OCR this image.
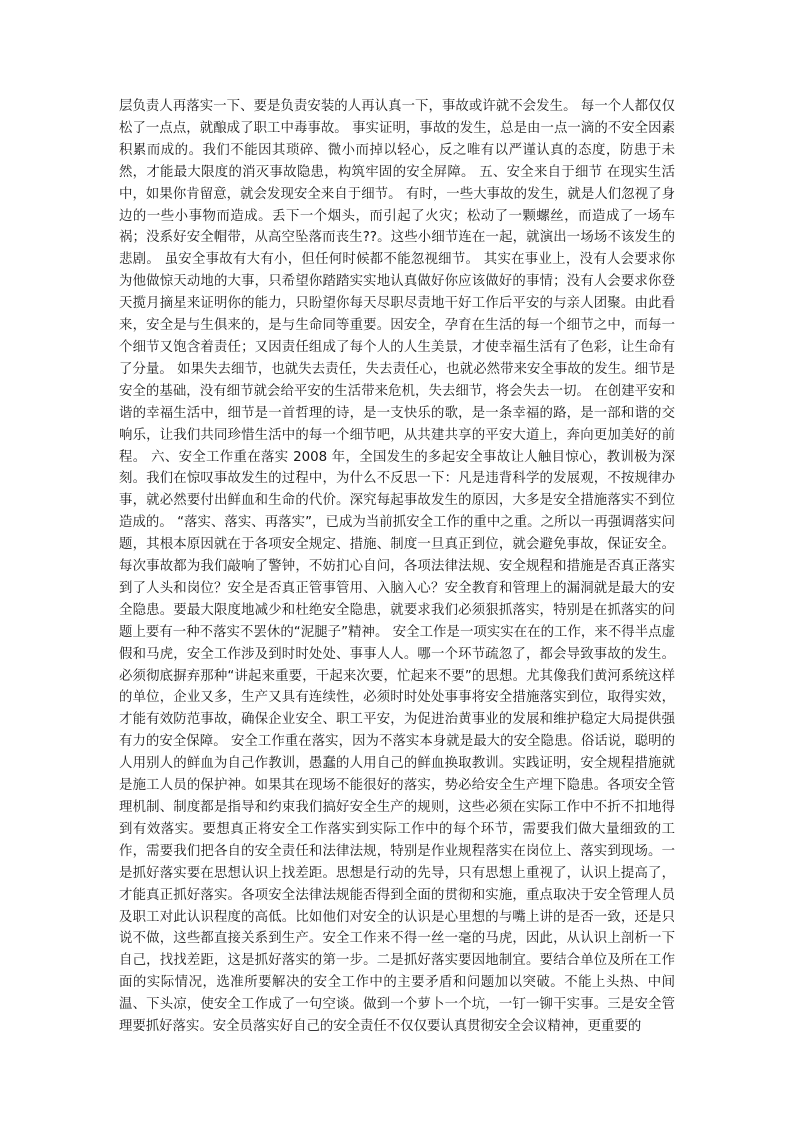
层负责人再落实一下、要是负责安装的人再认真一下，事故或许就不会发生。 每一个人都仅仅松了一点点，就酿成了职工中毒事故。 事实证明，事故的发生，总是由一点一滴的不安全因素积累而成的。我们不能因其琐碎、微小而掉以轻心，反之唯有以严谨认真的态度，防患于未然，才能最大限度的消灭事故隐患，构筑牢固的安全屏障。 五、安全来自于细节 在现实生活中，如果你肯留意，就会发现安全来自于细节。 有时，一些大事故的发生，就是人们忽视了身边的一些小事物而造成。丢下一个烟头，而引起了火灾；松动了一颗螺丝，而造成了一场车祸；没系好安全帽带，从高空坠落而丧生??。这些小细节连在一起，就演出一场场不该发生的悲剧。 虽安全事故有大有小，但任何时候都不能忽视细节。 其实在事业上，没有人会要求你为他做惊天动地的大事，只希望你踏踏实实地认真做好你应该做好的事情；没有人会要求你登天揽月摘星来证明你的能力，只盼望你每天尽职尽责地干好工作后平安的与亲人团聚。由此看来，安全是与生俱来的，是与生命同等重要。因安全，孕育在生活的每一个细节之中，而每一个细节又饱含着责任；又因责任组成了每个人的人生美景，才使幸福生活有了色彩，让生命有了分量。 如果失去细节，也就失去责任，失去责任心，也就必然带来安全事故的发生。细节是安全的基础，没有细节就会给平安的生活带来危机，失去细节，将会失去一切。 在创建平安和谐的幸福生活中，细节是一首哲理的诗，是一支快乐的歌，是一条幸福的路，是一部和谐的交响乐，让我们共同珍惜生活中的每一个细节吧，从共建共享的平安大道上，奔向更加美好的前程。 六、安全工作重在落实 2008 年，全国发生的多起安全事故让人触目惊心，教训极为深刻。我们在惊叹事故发生的过程中，为什么不反思一下：凡是违背科学的发展观，不按规律办事，就必然要付出鲜血和生命的代价。深究每起事故发生的原因，大多是安全措施落实不到位造成的。 “落实、落实、再落实”，已成为当前抓安全工作的重中之重。之所以一再强调落实问题，其根本原因就在于各项安全规定、措施、制度一旦真正到位，就会避免事故，保证安全。每次事故都为我们敲响了警钟，不妨扪心自问，各项法律法规、安全规程和措施是否真正落实到了人头和岗位？安全是否真正管事管用、入脑入心？安全教育和管理上的漏洞就是最大的安全隐患。要最大限度地减少和杜绝安全隐患，就要求我们必须狠抓落实，特别是在抓落实的问题上要有一种不落实不罢休的“泥腿子”精神。 安全工作是一项实实在在的工作，来不得半点虚假和马虎，安全工作涉及到时时处处、事事人人。哪一个环节疏忽了，都会导致事故的发生。必须彻底摒弃那种“讲起来重要，干起来次要，忙起来不要”的思想。尤其像我们黄河系统这样的单位，企业又多，生产又具有连续性，必须时时处处事事将安全措施落实到位，取得实效，才能有效防范事故，确保企业安全、职工平安，为促进治黄事业的发展和维护稳定大局提供强有力的安全保障。 安全工作重在落实，因为不落实本身就是最大的安全隐患。俗话说，聪明的人用别人的鲜血为自己作教训，愚蠢的人用自己的鲜血换取教训。实践证明，安全规程措施就是施工人员的保护神。如果其在现场不能很好的落实，势必给安全生产埋下隐患。各项安全管理机制、制度都是指导和约束我们搞好安全生产的规则，这些必须在实际工作中不折不扣地得到有效落实。要想真正将安全工作落实到实际工作中的每个环节，需要我们做大量细致的工作，需要我们把各自的安全责任和法律法规，特别是作业规程落实在岗位上、落实到现场。一是抓好落实要在思想认识上找差距。思想是行动的先导，只有思想上重视了，认识上提高了，才能真正抓好落实。各项安全法律法规能否得到全面的贯彻和实施，重点取决于安全管理人员及职工对此认识程度的高低。比如他们对安全的认识是心里想的与嘴上讲的是否一致，还是只说不做，这些都直接关系到生产。安全工作来不得一丝一毫的马虎，因此，从认识上剖析一下自己，找找差距，这是抓好落实的第一步。二是抓好落实要因地制宜。要结合单位及所在工作面的实际情况，选准所要解决的安全工作中的主要矛盾和问题加以突破。不能上头热、中间温、下头凉，使安全工作成了一句空谈。做到一个萝卜一个坑，一钉一铆干实事。三是安全管理要抓好落实。安全员落实好自己的安全责任不仅仅要认真贯彻安全会议精神，更重要的
